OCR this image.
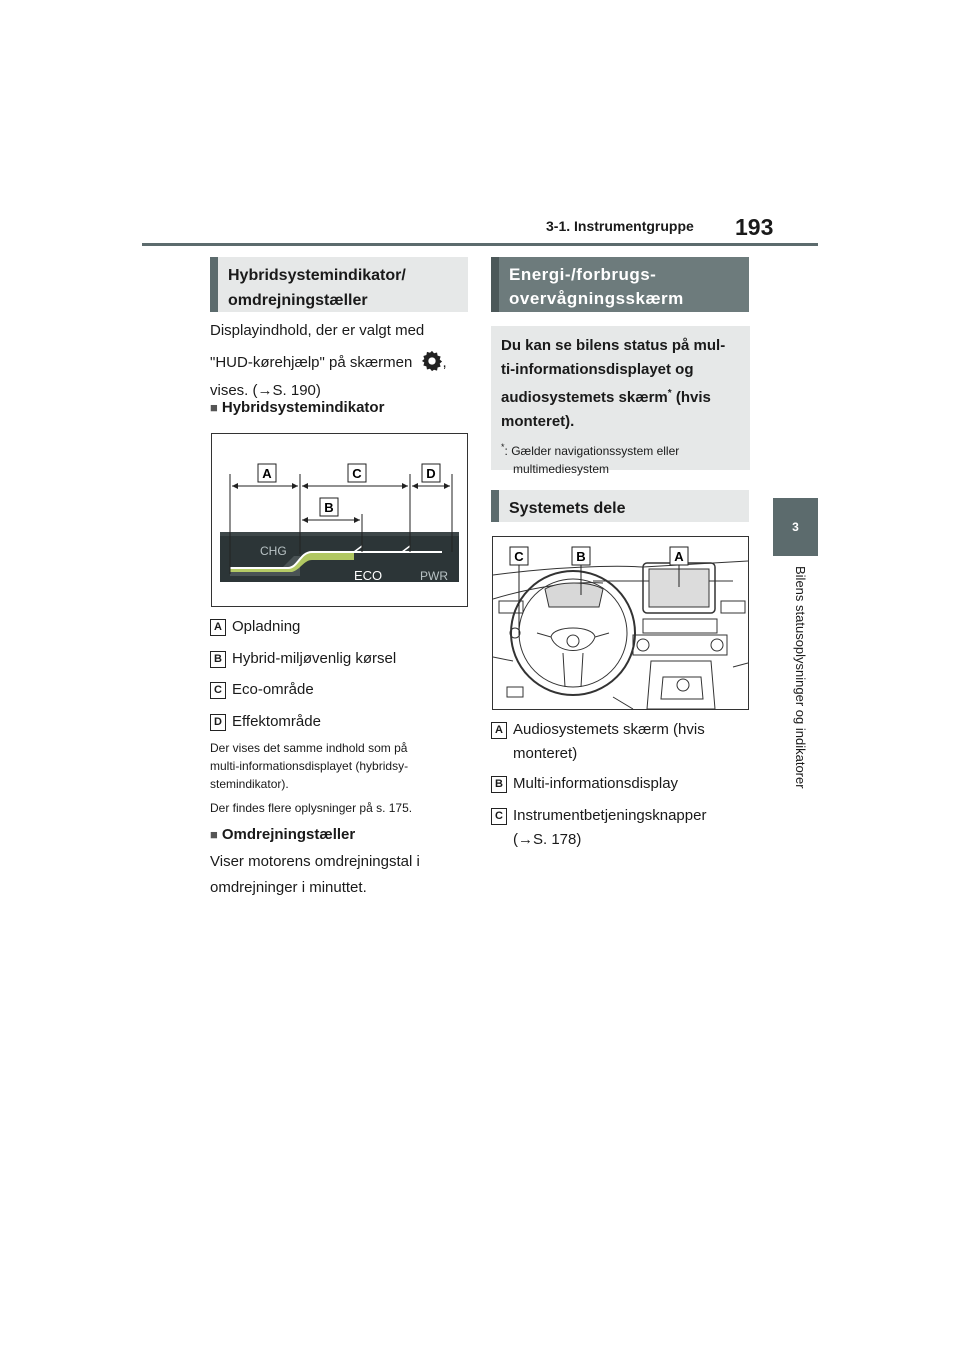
3-1. Instrumentgruppe 193
3
Bilens statusoplysninger og indikatorer
Hybridsystemindikator/
omdrejningstæller
Displayindhold, der er valgt med
"HUD-kørehjælp" på skærmen ,
vises. (→S. 190)
■ Hybridsystemindikator
CHG
ECO	PWR
A	C	D
B
A Opladning
B Hybrid-miljøvenlig kørsel
C Eco-område
D Effektområde
Der vises det samme indhold som på
multi-informationsdisplayet (hybridsy-
stemindikator).
Der findes flere oplysninger på s. 175.
■ Omdrejningstæller
Viser motorens omdrejningstal i
omdrejninger i minuttet.
Energi-/forbrugs-
overvågningsskærm
Du kan se bilens status på mul-
ti-informationsdisplayet og
audiosystemets skærm* (hvis
monteret).
*: Gælder navigationssystem eller
multimediesystem
Systemets dele
C	B	A
A Audiosystemets skærm (hvis
monteret)
B Multi-informationsdisplay
C Instrumentbetjeningsknapper
(→S. 178)
